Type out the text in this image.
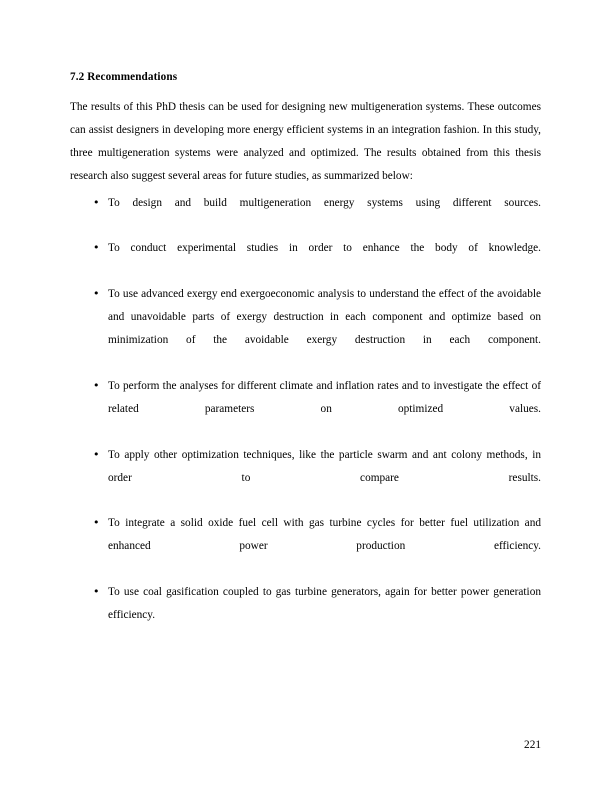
7.2 Recommendations

The results of this PhD thesis can be used for designing new multigeneration systems. These outcomes can assist designers in developing more energy efficient systems in an integration fashion. In this study, three multigeneration systems were analyzed and optimized. The results obtained from this thesis research also suggest several areas for future studies, as summarized below:

• To design and build multigeneration energy systems using different sources.
• To conduct experimental studies in order to enhance the body of knowledge.
• To use advanced exergy end exergoeconomic analysis to understand the effect of the avoidable and unavoidable parts of exergy destruction in each component and optimize based on minimization of the avoidable exergy destruction in each component.
• To perform the analyses for different climate and inflation rates and to investigate the effect of related parameters on optimized values.
• To apply other optimization techniques, like the particle swarm and ant colony methods, in order to compare results.
• To integrate a solid oxide fuel cell with gas turbine cycles for better fuel utilization and enhanced power production efficiency.
• To use coal gasification coupled to gas turbine generators, again for better power generation efficiency.
221
